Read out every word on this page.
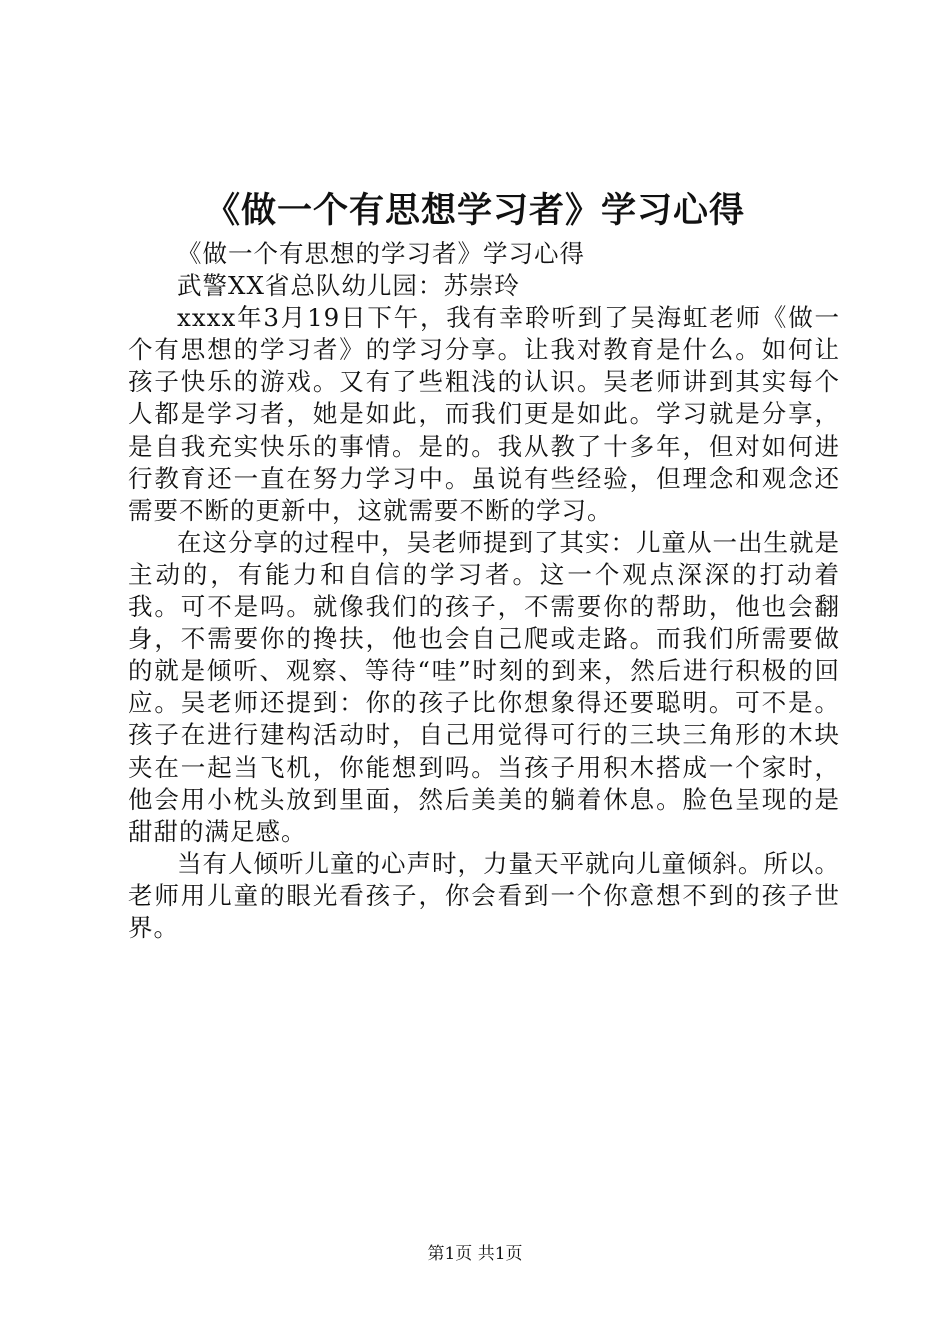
《做一个有思想学习者》学习心得

《做一个有思想的学习者》学习心得

武警XX省总队幼儿园：苏崇玲

xxxx年3月19日下午，我有幸聆听到了吴海虹老师《做一个有思想的学习者》的学习分享。让我对教育是什么。如何让孩子快乐的游戏。又有了些粗浅的认识。吴老师讲到其实每个人都是学习者，她是如此，而我们更是如此。学习就是分享，是自我充实快乐的事情。是的。我从教了十多年，但对如何进行教育还一直在努力学习中。虽说有些经验，但理念和观念还需要不断的更新中，这就需要不断的学习。

在这分享的过程中，吴老师提到了其实：儿童从一出生就是主动的，有能力和自信的学习者。这一个观点深深的打动着我。可不是吗。就像我们的孩子，不需要你的帮助，他也会翻身，不需要你的搀扶，他也会自己爬或走路。而我们所需要做的就是倾听、观察、等待“哇”时刻的到来，然后进行积极的回应。吴老师还提到：你的孩子比你想象得还要聪明。可不是。孩子在进行建构活动时，自己用觉得可行的三块三角形的木块夹在一起当飞机，你能想到吗。当孩子用积木搭成一个家时，他会用小枕头放到里面，然后美美的躺着休息。脸色呈现的是甜甜的满足感。

当有人倾听儿童的心声时，力量天平就向儿童倾斜。所以。老师用儿童的眼光看孩子，你会看到一个你意想不到的孩子世界。

第1页 共1页
